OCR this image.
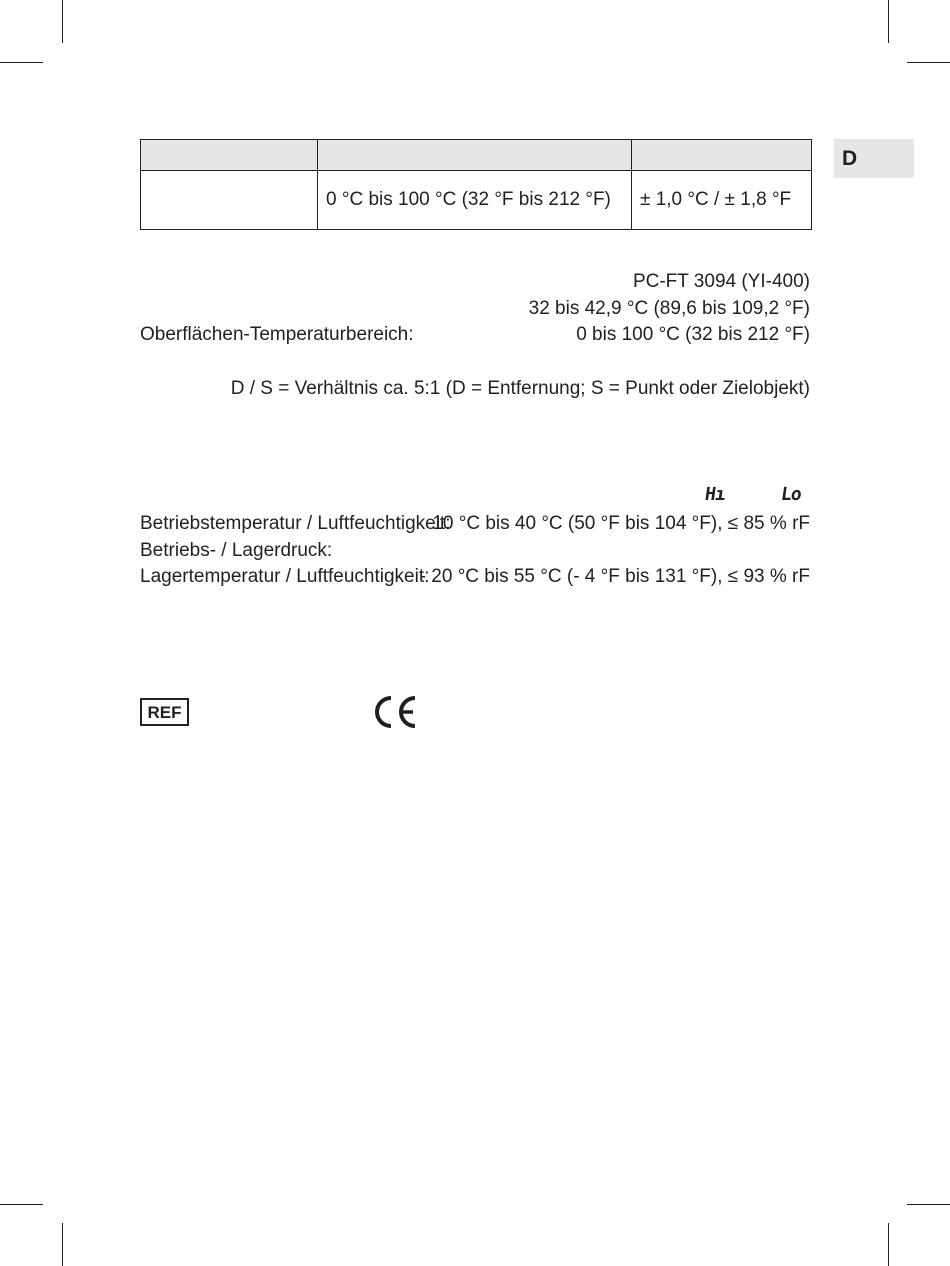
D

	0 °C bis 100 °C (32 °F bis 212 °F)	± 1,0 °C / ± 1,8 °F
PC-FT 3094 (YI-400)
32 bis 42,9 °C (89,6 bis 109,2 °F)
Oberflächen-Temperaturbereich:	0 bis 100 °C (32 bis 212 °F)
D / S = Verhältnis ca. 5:1 (D = Entfernung; S = Punkt oder Zielobjekt)
Hı	Lo
Betriebstemperatur / Luftfeuchtigkeit:
10 °C bis 40 °C (50 °F bis 104 °F), ≤ 85 % rF
Betriebs- / Lagerdruck:
Lagertemperatur / Luftfeuchtigkeit:
- 20 °C bis 55 °C (- 4 °F bis 131 °F), ≤ 93 % rF
REF
